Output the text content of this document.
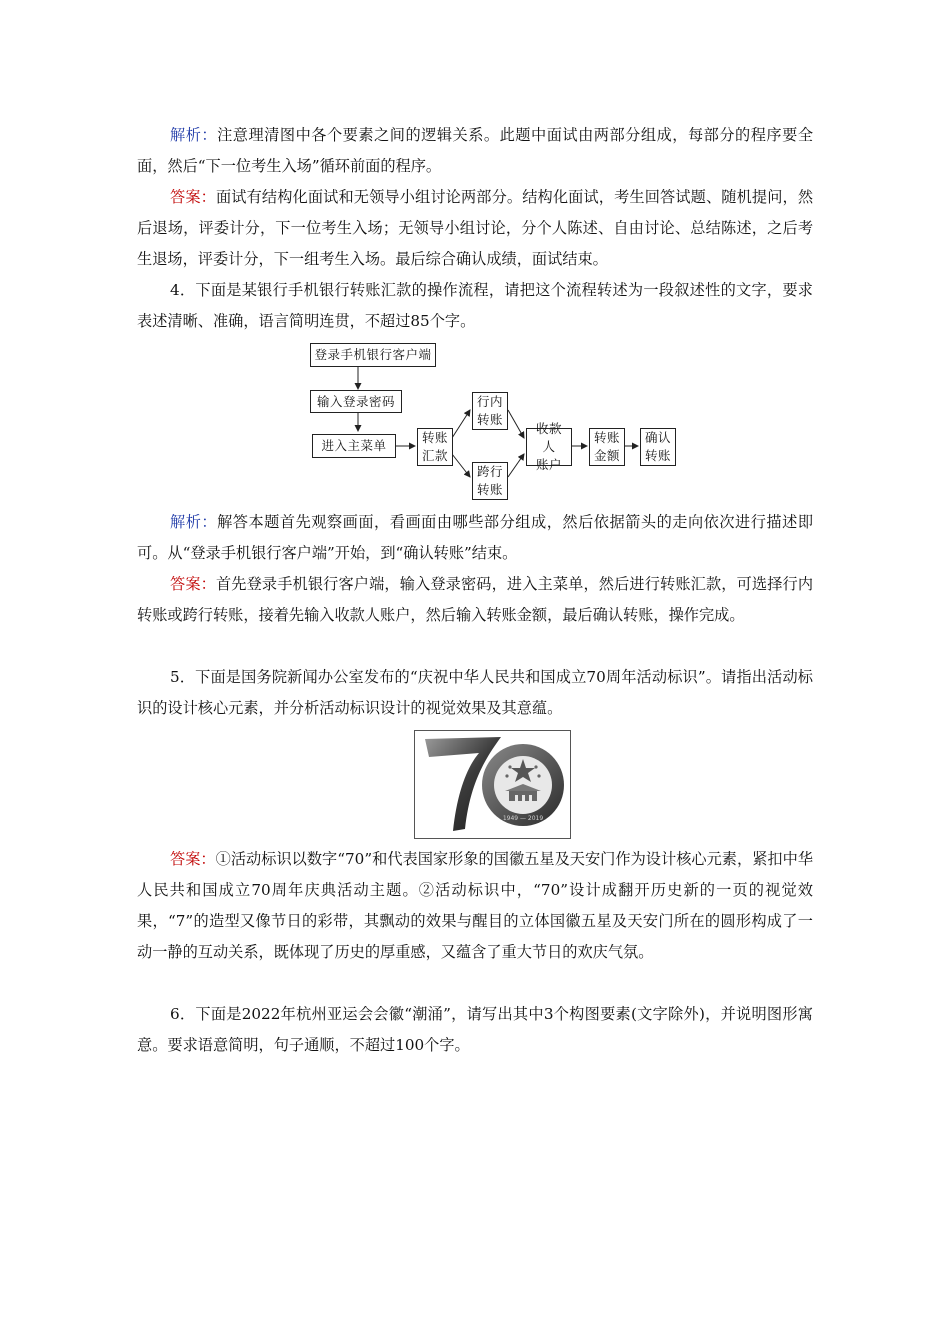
解析：注意理清图中各个要素之间的逻辑关系。此题中面试由两部分组成，每部分的程序要全面，然后“下一位考生入场”循环前面的程序。

答案：面试有结构化面试和无领导小组讨论两部分。结构化面试，考生回答试题、随机提问，然后退场，评委计分，下一位考生入场；无领导小组讨论，分个人陈述、自由讨论、总结陈述，之后考生退场，评委计分，下一组考生入场。最后综合确认成绩，面试结束。

4．下面是某银行手机银行转账汇款的操作流程，请把这个流程转述为一段叙述性的文字，要求表述清晰、准确，语言简明连贯，不超过85个字。

登录手机银行客户端
输入登录密码
进入主菜单
转账
汇款
行内
转账
跨行
转账
收款人
账户
转账
金额
确认
转账

解析：解答本题首先观察画面，看画面由哪些部分组成，然后依据箭头的走向依次进行描述即可。从“登录手机银行客户端”开始，到“确认转账”结束。

答案：首先登录手机银行客户端，输入登录密码，进入主菜单，然后进行转账汇款，可选择行内转账或跨行转账，接着先输入收款人账户，然后输入转账金额，最后确认转账，操作完成。

5．下面是国务院新闻办公室发布的“庆祝中华人民共和国成立70周年活动标识”。请指出活动标识的设计核心元素，并分析活动标识设计的视觉效果及其意蕴。

1949 — 2019

答案：①活动标识以数字“70”和代表国家形象的国徽五星及天安门作为设计核心元素，紧扣中华人民共和国成立70周年庆典活动主题。②活动标识中，“70”设计成翻开历史新的一页的视觉效果，“7”的造型又像节日的彩带，其飘动的效果与醒目的立体国徽五星及天安门所在的圆形构成了一动一静的互动关系，既体现了历史的厚重感，又蕴含了重大节日的欢庆气氛。

6．下面是2022年杭州亚运会会徽“潮涌”，请写出其中3个构图要素(文字除外)，并说明图形寓意。要求语意简明，句子通顺，不超过100个字。
